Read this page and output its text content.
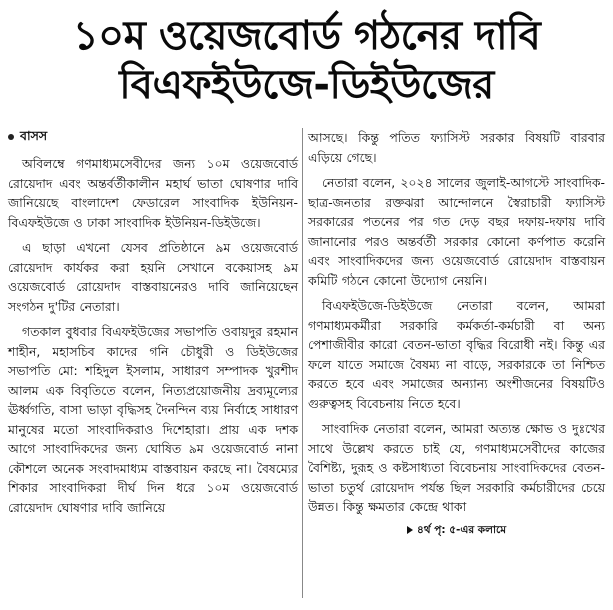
১০ম ওয়েজবোর্ড গঠনের দাবি
বিএফইউজে-ডিইউজের
বাসস

অবিলম্বে গণমাধ্যমসেবীদের জন্য ১০ম ওয়েজবোর্ড রোয়েদাদ এবং অন্তর্বর্তীকালীন মহার্ঘ ভাতা ঘোষণার দাবি জানিয়েছে বাংলাদেশ ফেডারেল সাংবাদিক ইউনিয়ন-বিএফইউজে ও ঢাকা সাংবাদিক ইউনিয়ন-ডিইউজে।

এ ছাড়া এখনো যেসব প্রতিষ্ঠানে ৯ম ওয়েজবোর্ড রোয়েদাদ কার্যকর করা হয়নি সেখানে বকেয়াসহ ৯ম ওয়েজবোর্ড রোয়েদাদ বাস্তবায়নেরও দাবি জানিয়েছেন সংগঠন দু'টির নেতারা।

গতকাল বুধবার বিএফইউজের সভাপতি ওবায়দুর রহমান শাহীন, মহাসচিব কাদের গনি চৌধুরী ও ডিইউজের সভাপতি মো: শহিদুল ইসলাম, সাধারণ সম্পাদক খুরশীদ আলম এক বিবৃতিতে বলেন, নিত্যপ্রয়োজনীয় দ্রব্যমূল্যের ঊর্ধ্বগতি, বাসা ভাড়া বৃদ্ধিসহ দৈনন্দিন ব্যয় নির্বাহে সাধারণ মানুষের মতো সাংবাদিকরাও দিশেহারা। প্রায় এক দশক আগে সাংবাদিকদের জন্য ঘোষিত ৯ম ওয়েজবোর্ড নানা কৌশলে অনেক সংবাদমাধ্যম বাস্তবায়ন করছে না। বৈষম্যের শিকার সাংবাদিকরা দীর্ঘ দিন ধরে ১০ম ওয়েজবোর্ড রোয়েদাদ ঘোষণার দাবি জানিয়ে

আসছে। কিন্তু পতিত ফ্যাসিস্ট সরকার বিষয়টি বারবার এড়িয়ে গেছে।

নেতারা বলেন, ২০২৪ সালের জুলাই-আগস্টে সাংবাদিক-ছাত্র-জনতার রক্তঝরা আন্দোলনে স্বৈরাচারী ফ্যাসিস্ট সরকারের পতনের পর গত দেড় বছর দফায়-দফায় দাবি জানানোর পরও অন্তর্বর্তী সরকার কোনো কর্ণপাত করেনি এবং সাংবাদিকদের জন্য ওয়েজবোর্ড রোয়েদাদ বাস্তবায়ন কমিটি গঠনে কোনো উদ্যোগ নেয়নি।

বিএফইউজে-ডিইউজে নেতারা বলেন, আমরা গণমাধ্যমকর্মীরা সরকারি কর্মকর্তা-কর্মচারী বা অন্য পেশাজীবীর কারো বেতন-ভাতা বৃদ্ধির বিরোধী নই। কিন্তু এর ফলে যাতে সমাজে বৈষম্য না বাড়ে, সরকারকে তা নিশ্চিত করতে হবে এবং সমাজের অন্যান্য অংশীজনের বিষয়টিও গুরুত্বসহ বিবেচনায় নিতে হবে।

সাংবাদিক নেতারা বলেন, আমরা অত্যন্ত ক্ষোভ ও দুঃখের সাথে উল্লেখ করতে চাই যে, গণমাধ্যমসেবীদের কাজের বৈশিষ্ট্য, দুরূহ ও কষ্টসাধ্যতা বিবেচনায় সাংবাদিকদের বেতন-ভাতা চতুর্থ রোয়েদাদ পর্যন্ত ছিল সরকারি কর্মচারীদের চেয়ে উন্নত। কিন্তু ক্ষমতার কেন্দ্রে থাকা

৪র্থ পৃ: ৫-এর কলামে
